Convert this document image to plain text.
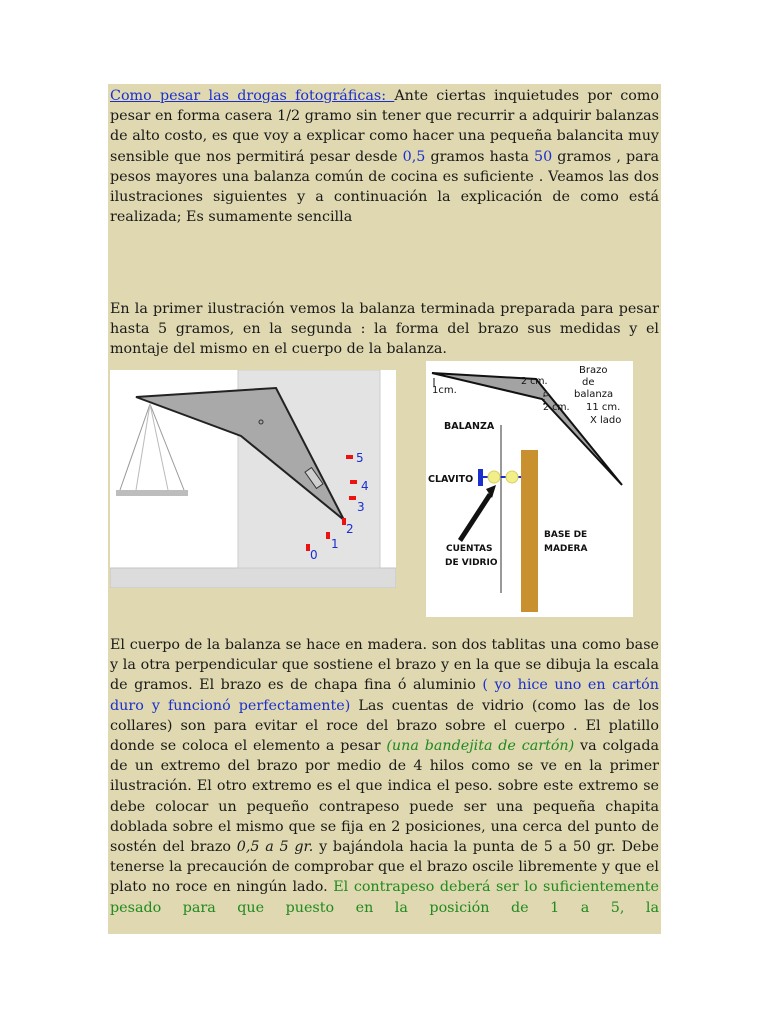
Como pesar las drogas fotográficas: Ante ciertas inquietudes por como pesar en forma casera 1/2 gramo sin tener que recurrir a adquirir balanzas de alto costo, es que voy a explicar como hacer una pequeña balancita muy sensible que nos permitirá pesar desde 0,5 gramos hasta 50 gramos , para pesos mayores una balanza común de cocina es suficiente . Veamos las dos ilustraciones siguientes y a continuación la explicación de como está realizada; Es sumamente sencilla

En la primer ilustración vemos la balanza terminada preparada para pesar hasta 5 gramos, en la segunda : la forma del brazo sus medidas y el montaje del mismo en el cuerpo de la balanza.

0
1
2
3
4
5
1cm.
2 cm.
2 cm.
Brazo
de
balanza
11 cm.
X lado
BALANZA
CLAVITO
CUENTAS
DE VIDRIO
BASE DE
MADERA

El cuerpo de la balanza se hace en madera. son dos tablitas una como base y la otra perpendicular que sostiene el brazo y en la que se dibuja la escala de gramos. El brazo es de chapa fina ó aluminio ( yo hice uno en cartón duro y funcionó perfectamente) Las cuentas de vidrio (como las de los collares) son para evitar el roce del brazo sobre el cuerpo . El platillo donde se coloca el elemento a pesar (una bandejita de cartón) va colgada de un extremo del brazo por medio de 4 hilos como se ve en la primer ilustración. El otro extremo es el que indica el peso. sobre este extremo se debe colocar un pequeño contrapeso puede ser una pequeña chapita doblada sobre el mismo que se fija en 2 posiciones, una cerca del punto de sostén del brazo 0,5 a 5 gr. y bajándola hacia la punta de 5 a 50 gr. Debe tenerse la precaución de comprobar que el brazo oscile libremente y que el plato no roce en ningún lado. El contrapeso deberá ser lo suficientemente pesado para que puesto en la posición de 1 a 5, la
